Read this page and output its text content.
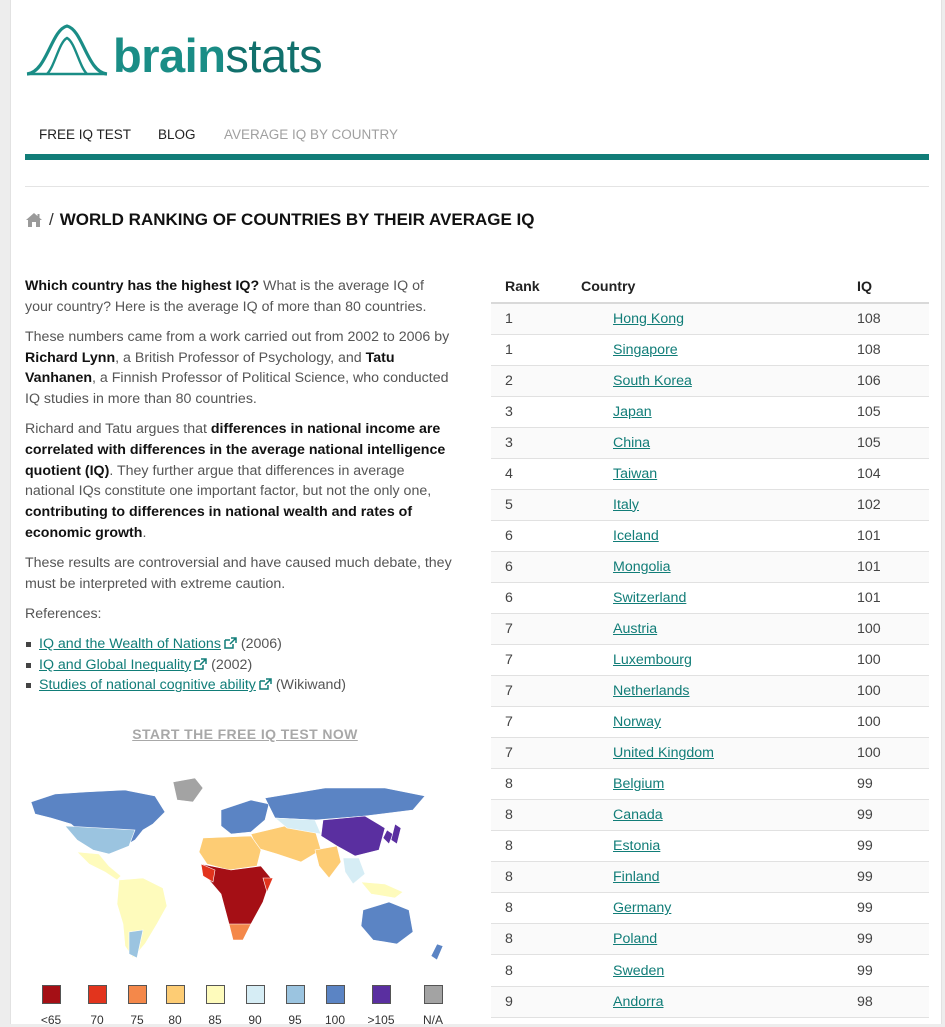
brainstats
FREE IQ TEST BLOG AVERAGE IQ BY COUNTRY
/ WORLD RANKING OF COUNTRIES BY THEIR AVERAGE IQ

Which country has the highest IQ? What is the average IQ of your country? Here is the average IQ of more than 80 countries.

These numbers came from a work carried out from 2002 to 2006 by Richard Lynn, a British Professor of Psychology, and Tatu Vanhanen, a Finnish Professor of Political Science, who conducted IQ studies in more than 80 countries.

Richard and Tatu argues that differences in national income are correlated with differences in the average national intelligence quotient (IQ). They further argue that differences in average national IQs constitute one important factor, but not the only one, contributing to differences in national wealth and rates of economic growth.

These results are controversial and have caused much debate, they must be interpreted with extreme caution.

References:

IQ and the Wealth of Nations (2006)
IQ and Global Inequality (2002)
Studies of national cognitive ability (Wikiwand)
START THE FREE IQ TEST NOW
<65	70	75	80	85	90	95	100	>105	N/A
Rank	Country	IQ
1	Hong Kong	108
1	Singapore	108
2	South Korea	106
3	Japan	105
3	China	105
4	Taiwan	104
5	Italy	102
6	Iceland	101
6	Mongolia	101
6	Switzerland	101
7	Austria	100
7	Luxembourg	100
7	Netherlands	100
7	Norway	100
7	United Kingdom	100
8	Belgium	99
8	Canada	99
8	Estonia	99
8	Finland	99
8	Germany	99
8	Poland	99
8	Sweden	99
9	Andorra	98
